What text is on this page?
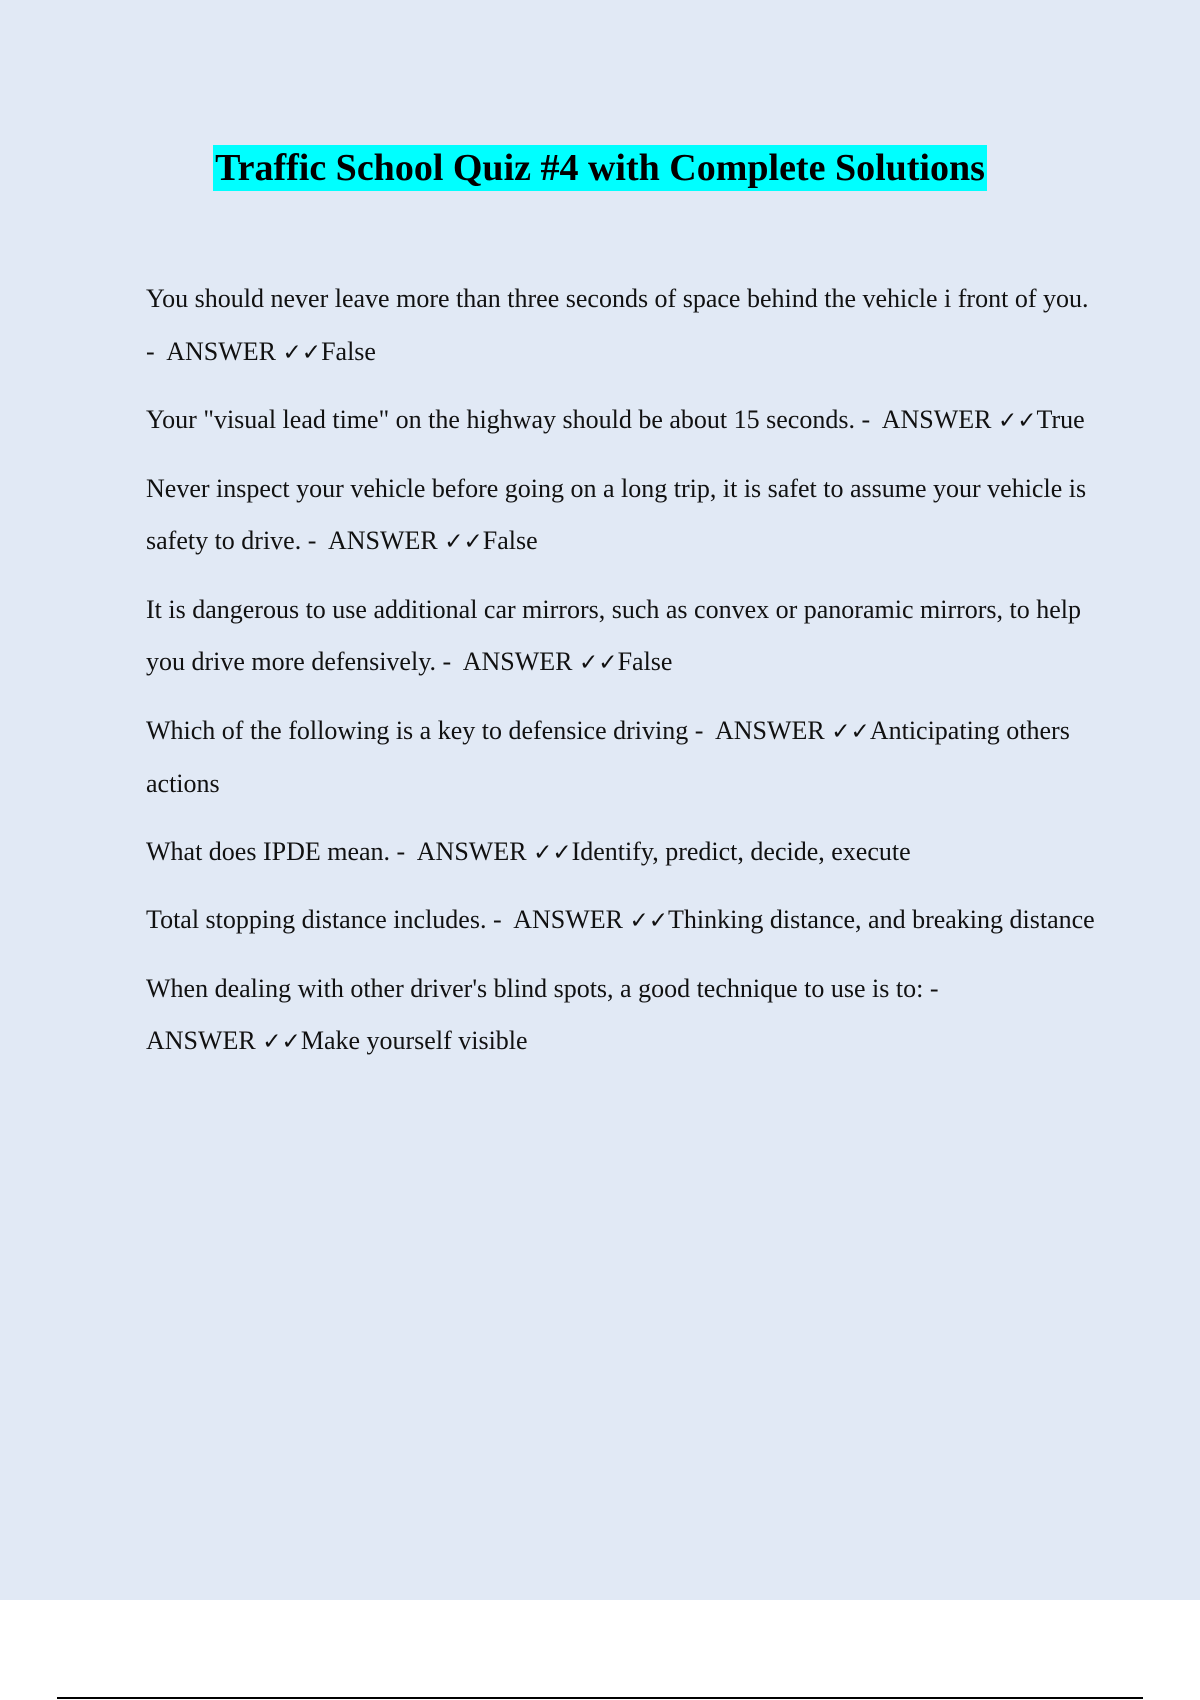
Traffic School Quiz #4 with Complete Solutions
You should never leave more than three seconds of space behind the vehicle i front of you. - ANSWER ✓✓False
Your "visual lead time" on the highway should be about 15 seconds. - ANSWER ✓✓True
Never inspect your vehicle before going on a long trip, it is safet to assume your vehicle is safety to drive. - ANSWER ✓✓False
It is dangerous to use additional car mirrors, such as convex or panoramic mirrors, to help you drive more defensively. - ANSWER ✓✓False
Which of the following is a key to defensice driving - ANSWER ✓✓Anticipating others actions
What does IPDE mean. - ANSWER ✓✓Identify, predict, decide, execute
Total stopping distance includes. - ANSWER ✓✓Thinking distance, and breaking distance
When dealing with other driver's blind spots, a good technique to use is to: -  ANSWER ✓✓Make yourself visible
